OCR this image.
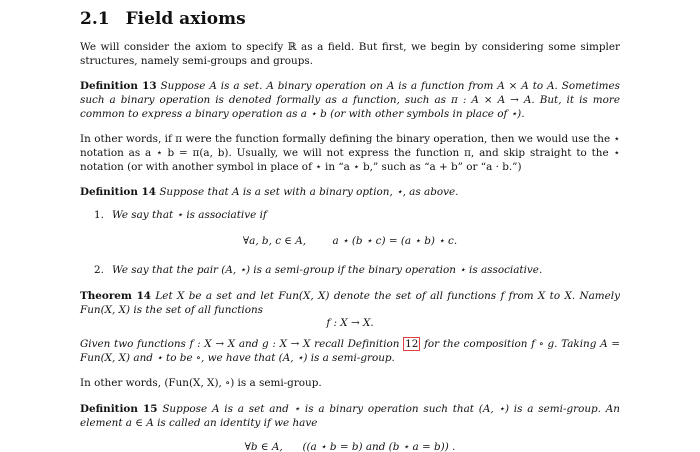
2.1 Field axioms
We will consider the axiom to specify ℝ as a field. But first, we begin by considering some simpler structures, namely semi-groups and groups.
Definition 13 Suppose A is a set. A binary operation on A is a function from A × A to A. Sometimes such a binary operation is denoted formally as a function, such as π : A × A → A. But, it is more common to express a binary operation as a ⋆ b (or with other symbols in place of ⋆).
In other words, if π were the function formally defining the binary operation, then we would use the ⋆ notation as a ⋆ b = π(a, b). Usually, we will not express the function π, and skip straight to the ⋆ notation (or with another symbol in place of ⋆ in “a ⋆ b,” such as “a + b” or “a · b.”)
Definition 14 Suppose that A is a set with a binary option, ⋆, as above.
1. We say that ⋆ is associative if
∀a, b, c ∈ A,        a ⋆ (b ⋆ c) = (a ⋆ b) ⋆ c.
2. We say that the pair (A, ⋆) is a semi-group if the binary operation ⋆ is associative.
Theorem 14 Let X be a set and let Fun(X, X) denote the set of all functions f from X to X. Namely Fun(X, X) is the set of all functions
f : X → X.
Given two functions f : X → X and g : X → X recall Definition 12 for the composition f ∘ g. Taking A = Fun(X, X) and ⋆ to be ∘, we have that (A, ⋆) is a semi-group.
In other words, (Fun(X, X), ∘) is a semi-group.
Definition 15 Suppose A is a set and ⋆ is a binary operation such that (A, ⋆) is a semi-group. An element a ∈ A is called an identity if we have
∀b ∈ A,      ((a ⋆ b = b) and (b ⋆ a = b)) .
